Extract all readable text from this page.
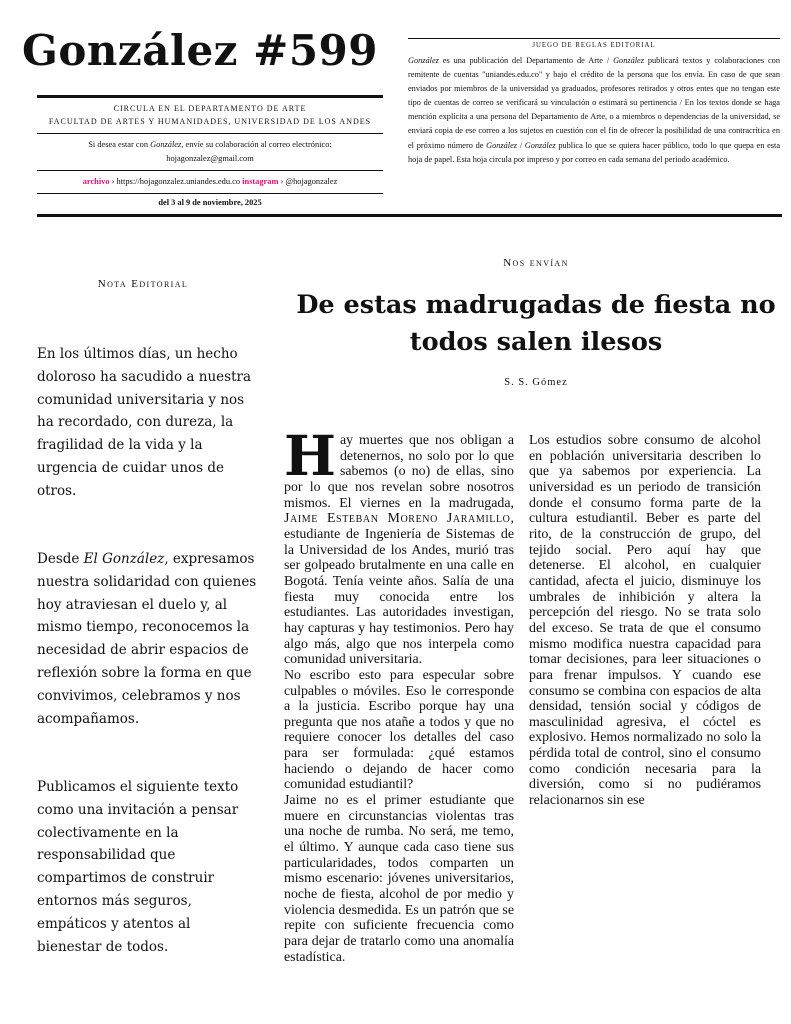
González #599
CIRCULA EN EL DEPARTAMENTO DE ARTE
FACULTAD DE ARTES Y HUMANIDADES, UNIVERSIDAD DE LOS ANDES
Si desea estar con González, envíe su colaboración al correo electrónico:
hojagonzalez@gmail.com
archivo › https://hojagonzalez.uniandes.edu.co instagram › @hojagonzalez
del 3 al 9 de noviembre, 2025
JUEGO DE REGLAS EDITORIAL
González es una publicación del Departamento de Arte / González publicará textos y colaboraciones con remitente de cuentas "uniandes.edu.co" y bajo el crédito de la persona que los envía. En caso de que sean enviados por miembros de la universidad ya graduados, profesores retirados y otros entes que no tengan este tipo de cuentas de correo se verificará su vinculación o estimará su pertinencia / En los textos donde se haga mención explícita a una persona del Departamento de Arte, o a miembros o dependencias de la universidad, se enviará copia de ese correo a los sujetos en cuestión con el fin de ofrecer la posibilidad de una contracrítica en el próximo número de González / González publica lo que se quiera hacer público, todo lo que quepa en esta hoja de papel. Esta hoja circula por impreso y por correo en cada semana del periodo académico.
Nota Editorial

En los últimos días, un hecho doloroso ha sacudido a nuestra comunidad universitaria y nos ha recordado, con dureza, la fragilidad de la vida y la urgencia de cuidar unos de otros.

Desde El González, expresamos nuestra solidaridad con quienes hoy atraviesan el duelo y, al mismo tiempo, reconocemos la necesidad de abrir espacios de reflexión sobre la forma en que convivimos, celebramos y nos acompañamos.

Publicamos el siguiente texto como una invitación a pensar colectivamente en la responsabilidad que compartimos de construir entornos más seguros, empáticos y atentos al bienestar de todos.

Nos envían
De estas madrugadas de fiesta no todos salen ilesos
S. S. Gómez

Hay muertes que nos obligan a detenernos, no solo por lo que sabemos (o no) de ellas, sino por lo que nos revelan sobre nosotros mismos. El viernes en la madrugada, Jaime Esteban Moreno Jaramillo, estudiante de Ingeniería de Sistemas de la Universidad de los Andes, murió tras ser golpeado brutalmente en una calle en Bogotá. Tenía veinte años. Salía de una fiesta muy conocida entre los estudiantes. Las autoridades investigan, hay capturas y hay testimonios. Pero hay algo más, algo que nos interpela como comunidad universitaria.

No escribo esto para especular sobre culpables o móviles. Eso le corresponde a la justicia. Escribo porque hay una pregunta que nos atañe a todos y que no requiere conocer los detalles del caso para ser formulada: ¿qué estamos haciendo o dejando de hacer como comunidad estudiantil?

Jaime no es el primer estudiante que muere en circunstancias violentas tras una noche de rumba. No será, me temo, el último. Y aunque cada caso tiene sus particularidades, todos comparten un mismo escenario: jóvenes universitarios, noche de fiesta, alcohol de por medio y violencia desmedida. Es un patrón que se repite con suficiente frecuencia como para dejar de tratarlo como una anomalía estadística.

Los estudios sobre consumo de alcohol en población universitaria describen lo que ya sabemos por experiencia. La universidad es un periodo de transición donde el consumo forma parte de la cultura estudiantil. Beber es parte del rito, de la construcción de grupo, del tejido social. Pero aquí hay que detenerse. El alcohol, en cualquier cantidad, afecta el juicio, disminuye los umbrales de inhibición y altera la percepción del riesgo. No se trata solo del exceso. Se trata de que el consumo mismo modifica nuestra capacidad para tomar decisiones, para leer situaciones o para frenar impulsos. Y cuando ese consumo se combina con espacios de alta densidad, tensión social y códigos de masculinidad agresiva, el cóctel es explosivo. Hemos normalizado no solo la pérdida total de control, sino el consumo como condición necesaria para la diversión, como si no pudiéramos relacionarnos sin ese
